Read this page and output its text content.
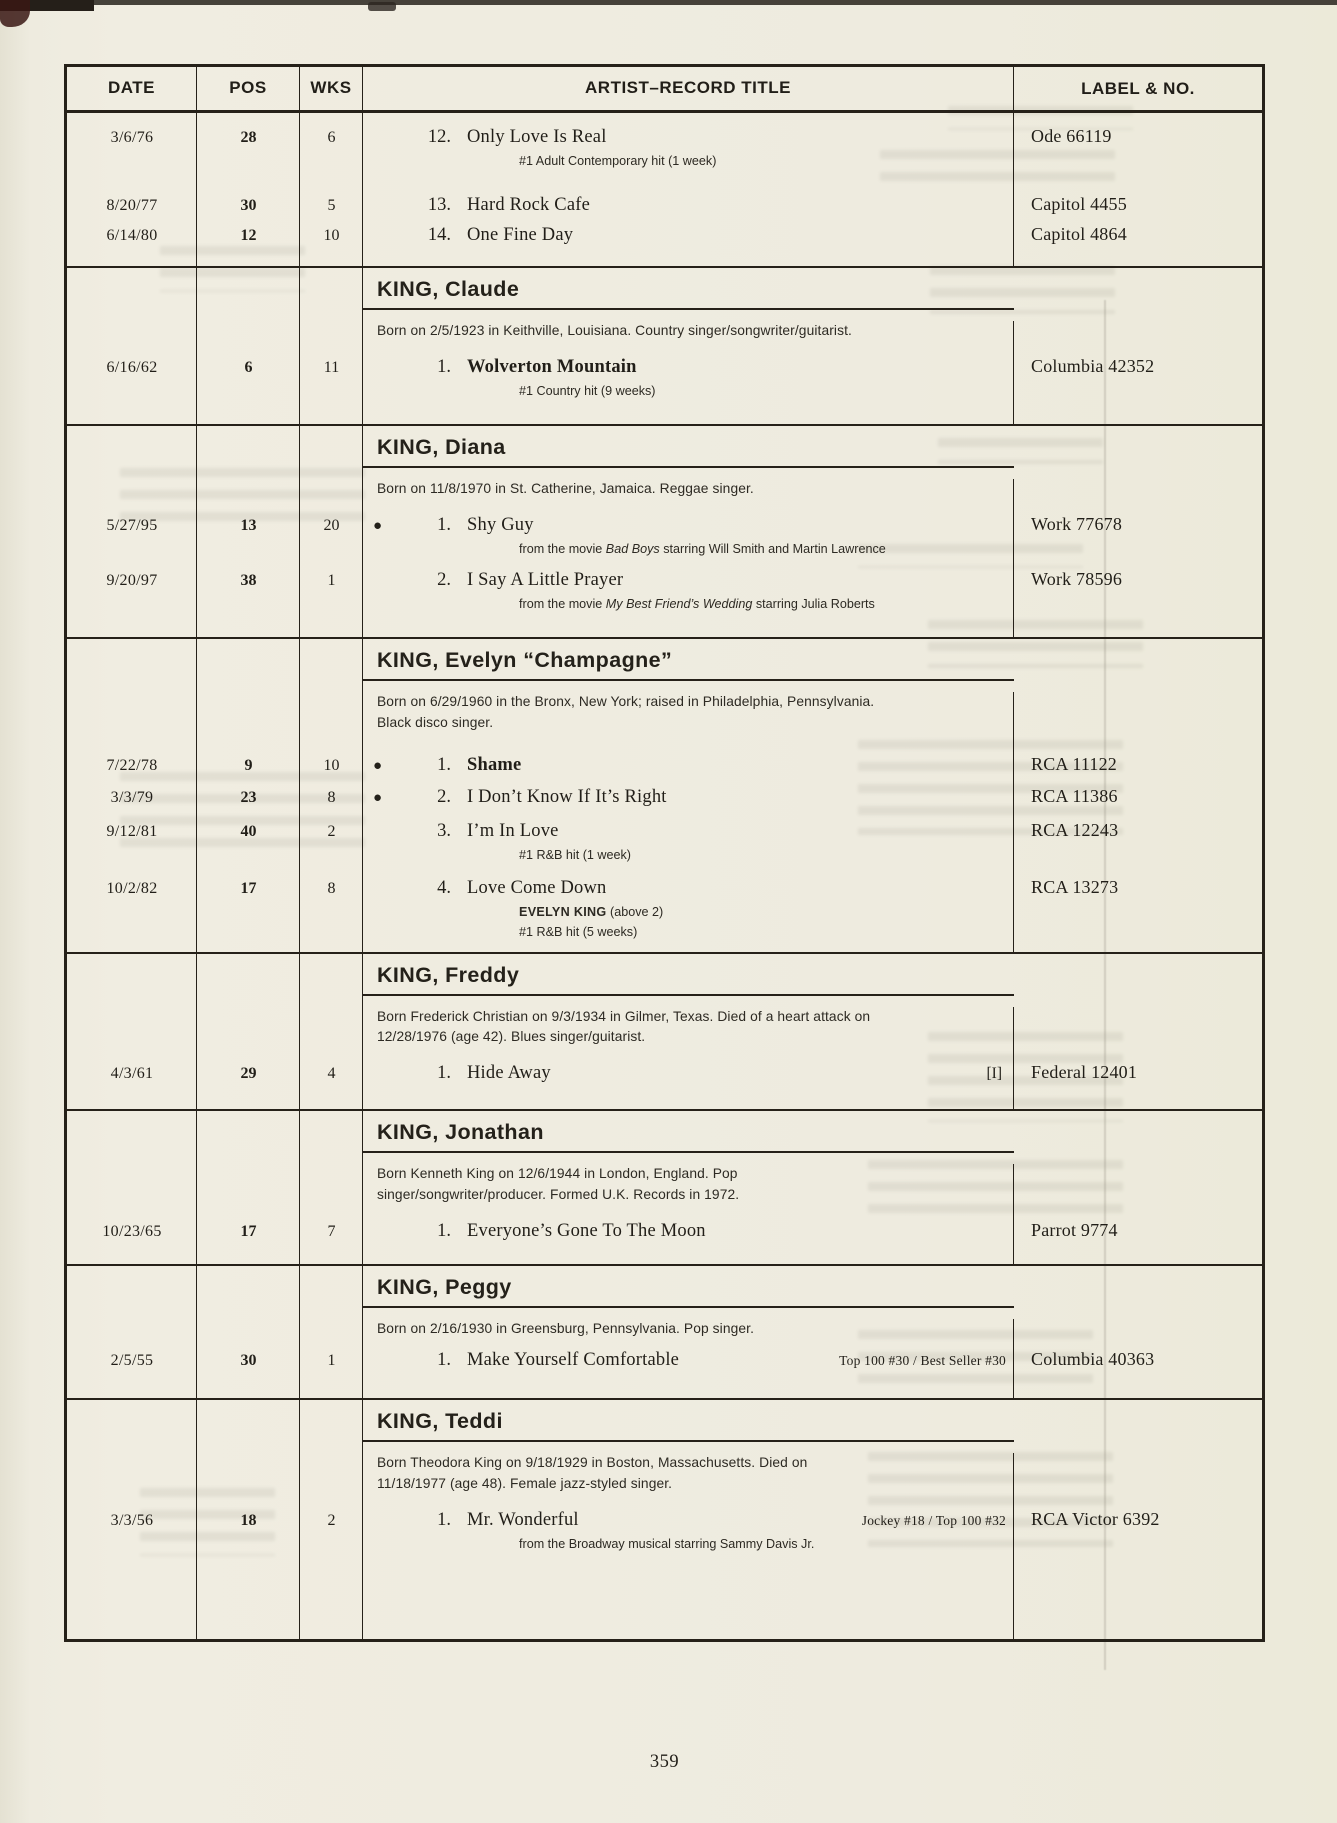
DATE	POS	WKS	ARTIST–RECORD TITLE	LABEL & NO.
3/6/76	28	6	12. Only Love Is Real	Ode 66119
#1 Adult Contemporary hit (1 week)
8/20/77	30	5	13. Hard Rock Cafe	Capitol 4455
6/14/80	12	10	14. One Fine Day	Capitol 4864
KING, Claude
Born on 2/5/1923 in Keithville, Louisiana. Country singer/songwriter/guitarist.
6/16/62	6	11	1. Wolverton Mountain	Columbia 42352
#1 Country hit (9 weeks)
KING, Diana
Born on 11/8/1970 in St. Catherine, Jamaica. Reggae singer.
5/27/95	13	20	●	1. Shy Guy	Work 77678
from the movie Bad Boys starring Will Smith and Martin Lawrence
9/20/97	38	1	2. I Say A Little Prayer	Work 78596
from the movie My Best Friend’s Wedding starring Julia Roberts
KING, Evelyn “Champagne”
Born on 6/29/1960 in the Bronx, New York; raised in Philadelphia, Pennsylvania. Black disco singer.
7/22/78	9	10	●	1. Shame	RCA 11122
3/3/79	23	8	●	2. I Don’t Know If It’s Right	RCA 11386
9/12/81	40	2	3. I’m In Love	RCA 12243
#1 R&B hit (1 week)
10/2/82	17	8	4. Love Come Down	RCA 13273
EVELYN KING (above 2)
#1 R&B hit (5 weeks)
KING, Freddy
Born Frederick Christian on 9/3/1934 in Gilmer, Texas. Died of a heart attack on 12/28/1976 (age 42). Blues singer/guitarist.
4/3/61	29	4	1. Hide Away	[I]	Federal 12401
KING, Jonathan
Born Kenneth King on 12/6/1944 in London, England. Pop singer/songwriter/producer. Formed U.K. Records in 1972.
10/23/65	17	7	1. Everyone’s Gone To The Moon	Parrot 9774
KING, Peggy
Born on 2/16/1930 in Greensburg, Pennsylvania. Pop singer.
2/5/55	30	1	1. Make Yourself Comfortable	Top 100 #30 / Best Seller #30	Columbia 40363
KING, Teddi
Born Theodora King on 9/18/1929 in Boston, Massachusetts. Died on 11/18/1977 (age 48). Female jazz-styled singer.
3/3/56	18	2	1. Mr. Wonderful	Jockey #18 / Top 100 #32	RCA Victor 6392
from the Broadway musical starring Sammy Davis Jr.
359
